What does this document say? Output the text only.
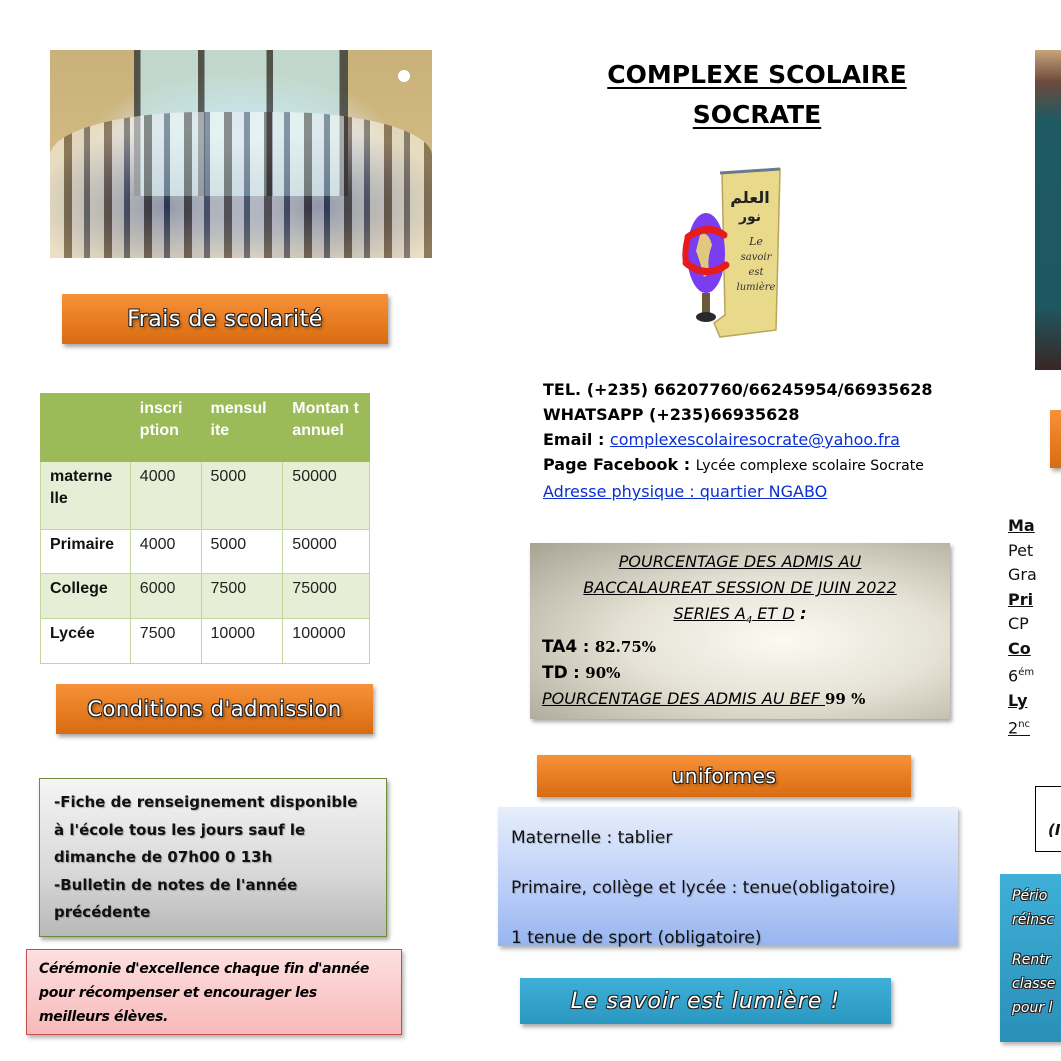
COMPLEXE SCOLAIRE
SOCRATE
العلم
نور
Le
savoir
est
lumière
Frais de scolarité
	inscri ption	mensul ite	Montan t annuel
materne lle	4000	5000	50000
Primaire	4000	5000	50000
College	6000	7500	75000
Lycée	7500	10000	100000
Conditions d'admission

-Fiche de renseignement disponible

à l'école tous les jours sauf le

dimanche de 07h00 0 13h

-Bulletin de notes de l'année

précédente

Cérémonie d'excellence chaque fin d'année
pour récompenser et encourager les
meilleurs élèves.
TEL. (+235) 66207760/66245954/66935628
WHATSAPP (+235)66935628
Email : complexescolairesocrate@yahoo.fra
Page Facebook : Lycée complexe scolaire Socrate
Adresse physique : quartier NGABO
POURCENTAGE DES ADMIS AU
BACCALAUREAT SESSION DE JUIN 2022
SERIES $A_4$ ET D :
TA4 : 82.75%
TD : 90%
POURCENTAGE DES ADMIS AU BEF 99 %
uniformes

Maternelle : tablier

Primaire, collège et lycée : tenue(obligatoire)

1 tenue de sport (obligatoire)

Le savoir est lumière !
Ma
Pet
Gra
Pri
CP
Co
$6^{ém}$
Ly
$2^{nc}$
(I

Pério

réinsc

Rentr

classe

pour l
